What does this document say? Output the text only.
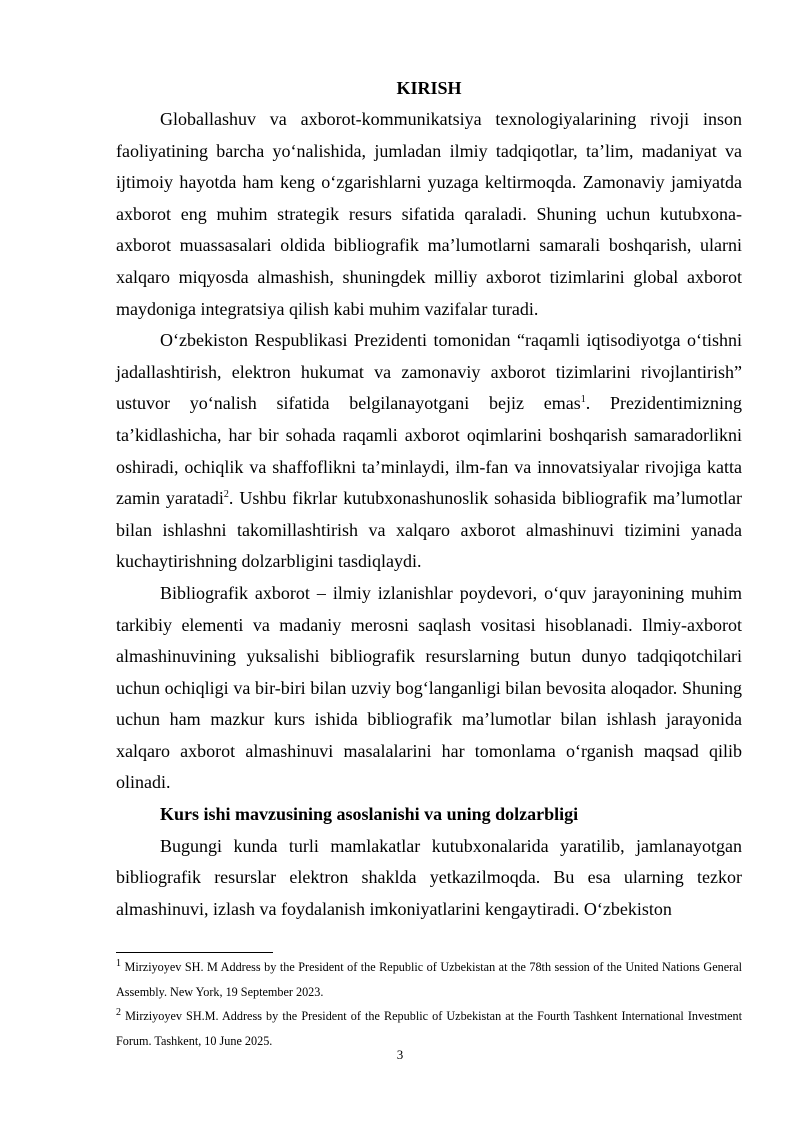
KIRISH

Globallashuv va axborot-kommunikatsiya texnologiyalarining rivoji inson faoliyatining barcha yo‘nalishida, jumladan ilmiy tadqiqotlar, ta’lim, madaniyat va ijtimoiy hayotda ham keng o‘zgarishlarni yuzaga keltirmoqda. Zamonaviy jamiyatda axborot eng muhim strategik resurs sifatida qaraladi. Shuning uchun kutubxona-axborot muassasalari oldida bibliografik ma’lumotlarni samarali boshqarish, ularni xalqaro miqyosda almashish, shuningdek milliy axborot tizimlarini global axborot maydoniga integratsiya qilish kabi muhim vazifalar turadi.

O‘zbekiston Respublikasi Prezidenti tomonidan “raqamli iqtisodiyotga o‘tishni jadallashtirish, elektron hukumat va zamonaviy axborot tizimlarini rivojlantirish” ustuvor yo‘nalish sifatida belgilanayotgani bejiz emas$^1$. Prezidentimizning ta’kidlashicha, har bir sohada raqamli axborot oqimlarini boshqarish samaradorlikni oshiradi, ochiqlik va shaffoflikni ta’minlaydi, ilm-fan va innovatsiyalar rivojiga katta zamin yaratadi$^2$. Ushbu fikrlar kutubxonashunoslik sohasida bibliografik ma’lumotlar bilan ishlashni takomillashtirish va xalqaro axborot almashinuvi tizimini yanada kuchaytirishning dolzarbligini tasdiqlaydi.

Bibliografik axborot – ilmiy izlanishlar poydevori, o‘quv jarayonining muhim tarkibiy elementi va madaniy merosni saqlash vositasi hisoblanadi. Ilmiy-axborot almashinuvining yuksalishi bibliografik resurslarning butun dunyo tadqiqotchilari uchun ochiqligi va bir-biri bilan uzviy bog‘langanligi bilan bevosita aloqador. Shuning uchun ham mazkur kurs ishida bibliografik ma’lumotlar bilan ishlash jarayonida xalqaro axborot almashinuvi masalalarini har tomonlama o‘rganish maqsad qilib olinadi.

Kurs ishi mavzusining asoslanishi va uning dolzarbligi

Bugungi kunda turli mamlakatlar kutubxonalarida yaratilib, jamlanayotgan bibliografik resurslar elektron shaklda yetkazilmoqda. Bu esa ularning tezkor almashinuvi, izlash va foydalanish imkoniyatlarini kengaytiradi. O‘zbekiston

$^1$ Mirziyoyev SH. M Address by the President of the Republic of Uzbekistan at the 78th session of the United Nations General Assembly. New York, 19 September 2023.

$^2$ Mirziyoyev SH.M. Address by the President of the Republic of Uzbekistan at the Fourth Tashkent International Investment Forum. Tashkent, 10 June 2025.

3
